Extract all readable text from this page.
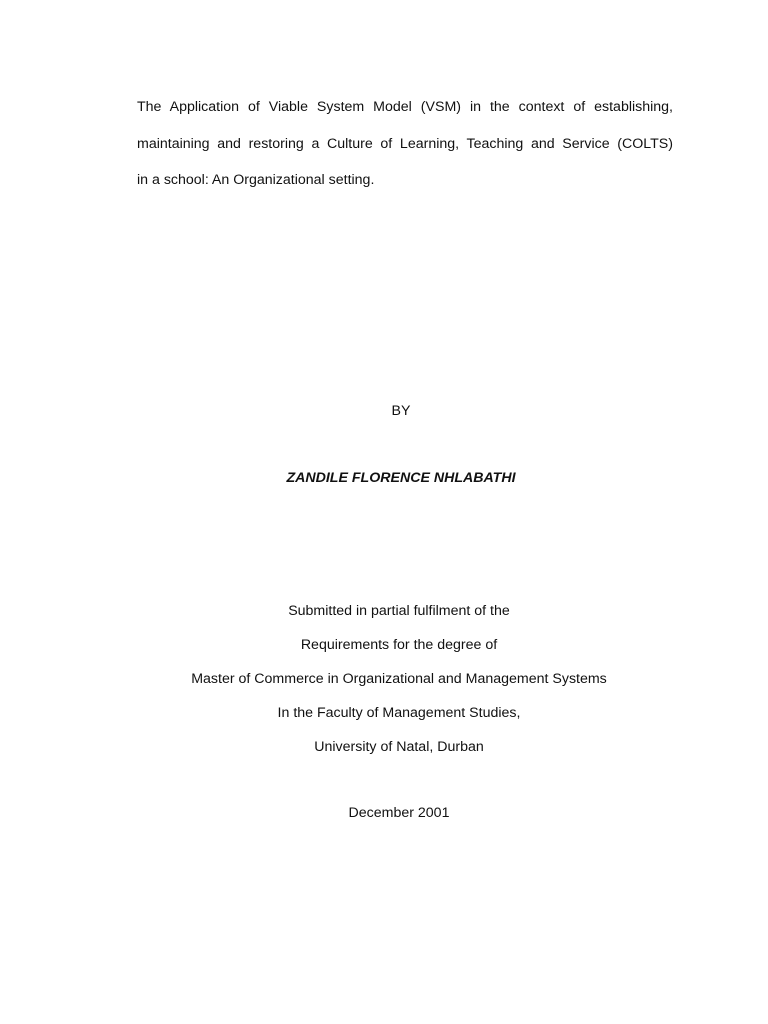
The Application of Viable System Model (VSM) in the context of establishing,
maintaining and restoring a Culture of Learning, Teaching and Service (COLTS)
in a school: An Organizational setting.
BY
ZANDILE FLORENCE NHLABATHI
Submitted in partial fulfilment of the
Requirements for the degree of
Master of Commerce in Organizational and Management Systems
In the Faculty of Management Studies,
University of Natal, Durban
December 2001
